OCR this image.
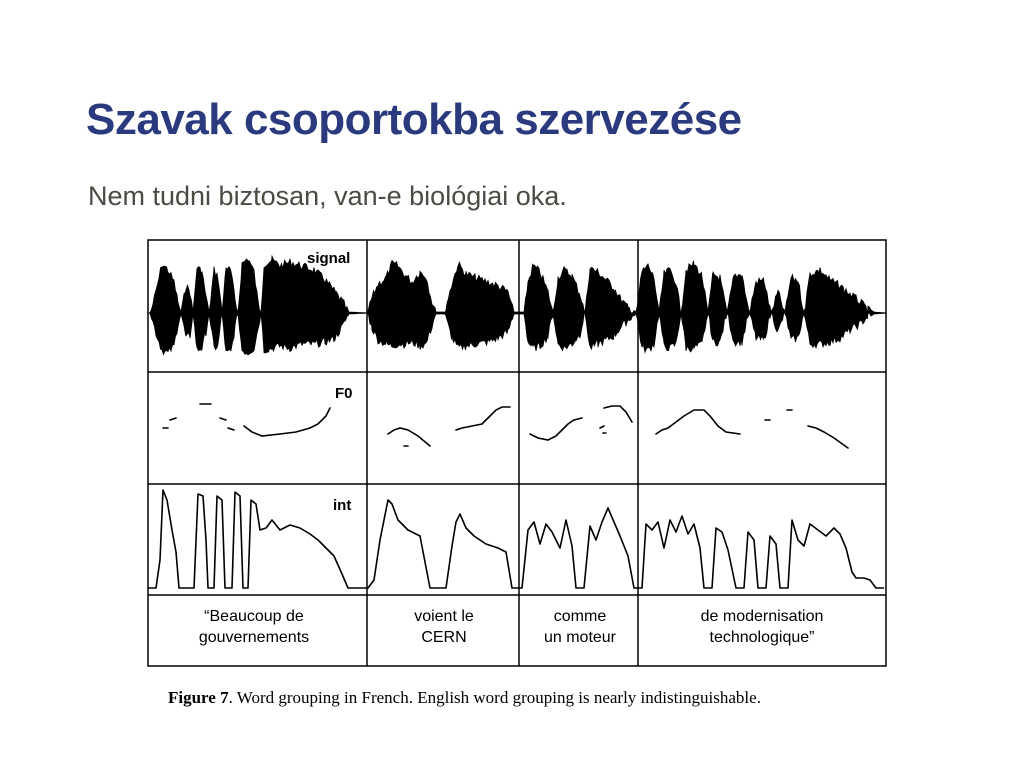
Szavak csoportokba szervezése

Nem tudni biztosan, van-e biológiai oka.

signal
F0
int
“Beaucoup de
gouvernements
voient le
CERN
comme
un moteur
de modernisation
technologique”
Figure 7. Word grouping in French. English word grouping is nearly indistinguishable.
